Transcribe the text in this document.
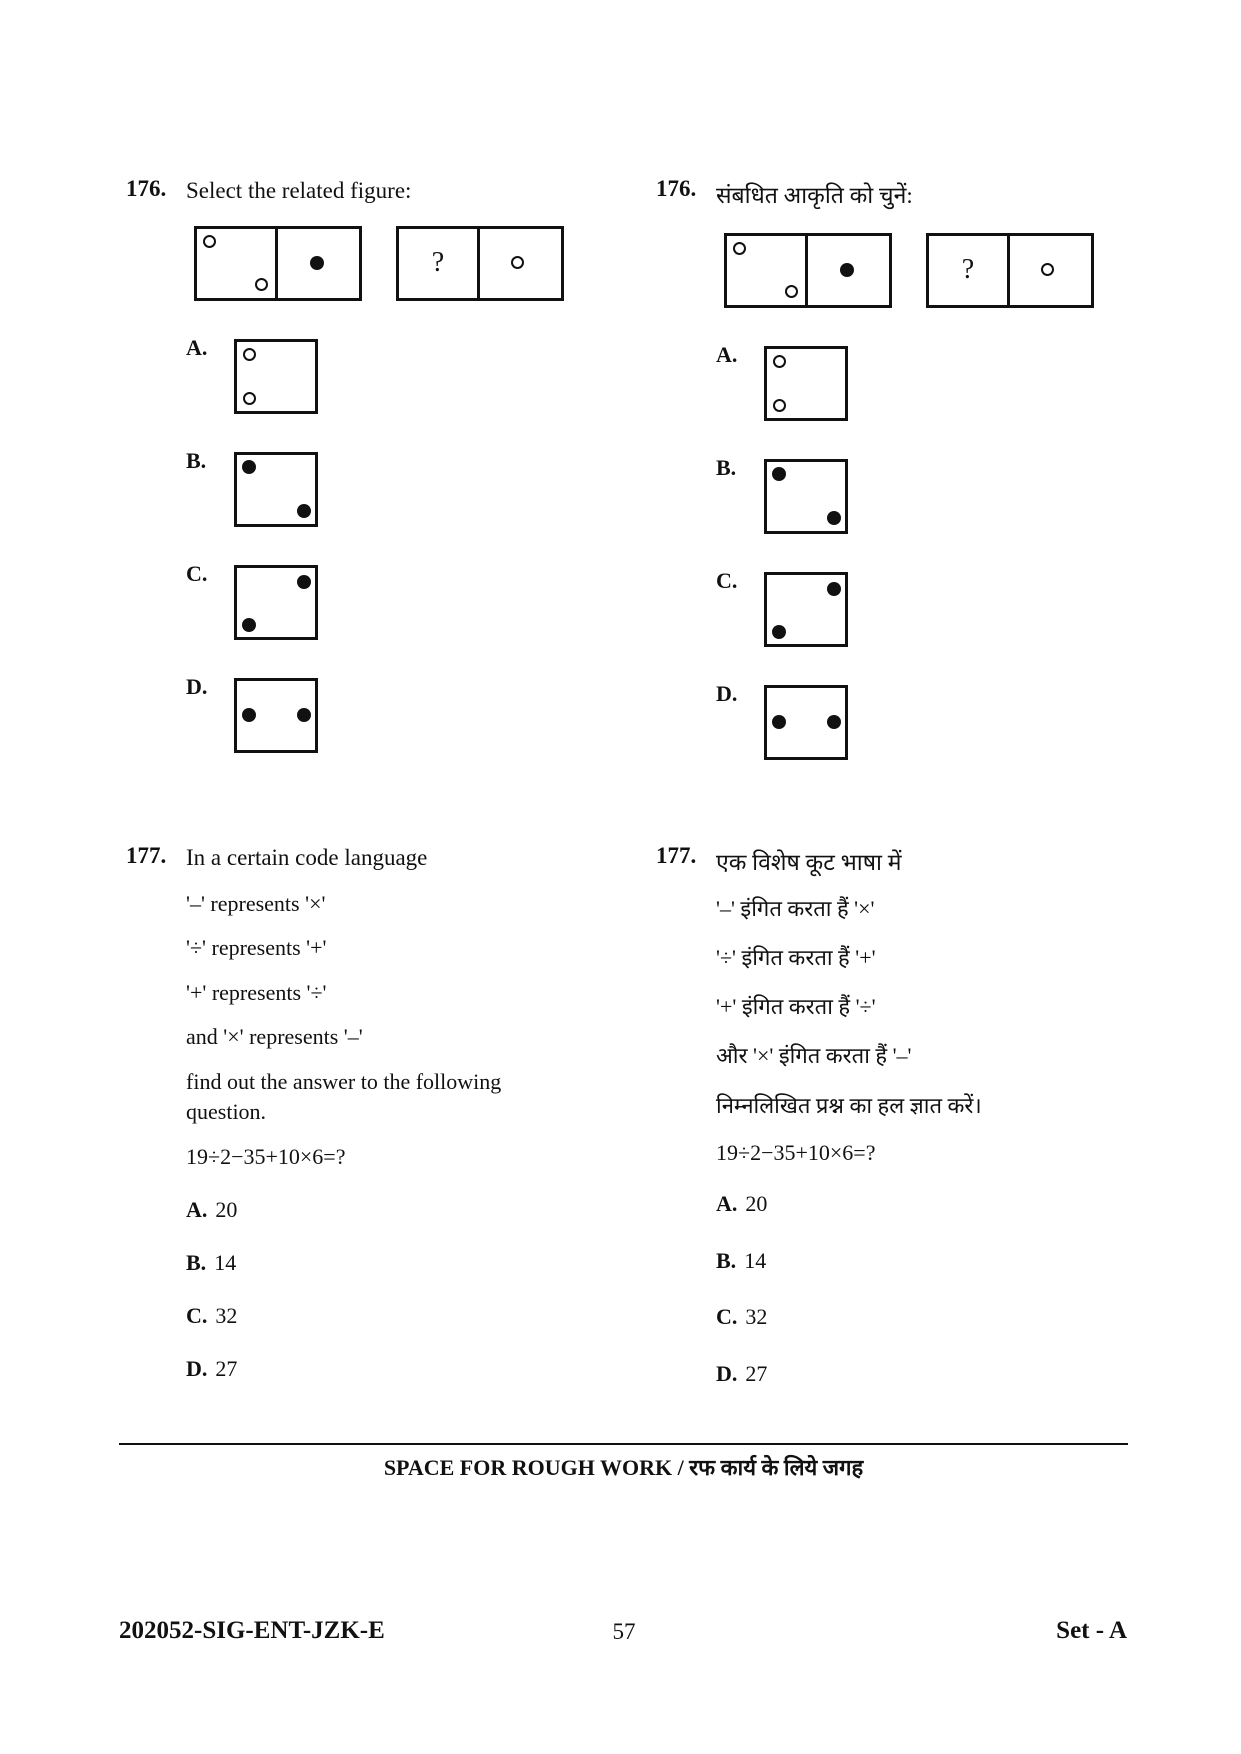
176. Select the related figure:
?
A.
B.
C.
D.
176. संबधित आकृति को चुनें:
?
A.
B.
C.
D.
177. In a certain code language
'–' represents '×'
'÷' represents '+'
'+' represents '÷'
and '×' represents '–'
find out the answer to the following
question.
19÷2−35+10×6=?
A. 20
B. 14
C. 32
D. 27
177. एक विशेष कूट भाषा में
'–' इंगित करता हैं '×'
'÷' इंगित करता हैं '+'
'+' इंगित करता हैं '÷'
और '×' इंगित करता हैं '–'
निम्नलिखित प्रश्न का हल ज्ञात करें।
19÷2−35+10×6=?
A. 20
B. 14
C. 32
D. 27
SPACE FOR ROUGH WORK / रफ कार्य के लिये जगह
202052-SIG-ENT-JZK-E	57	Set - A
